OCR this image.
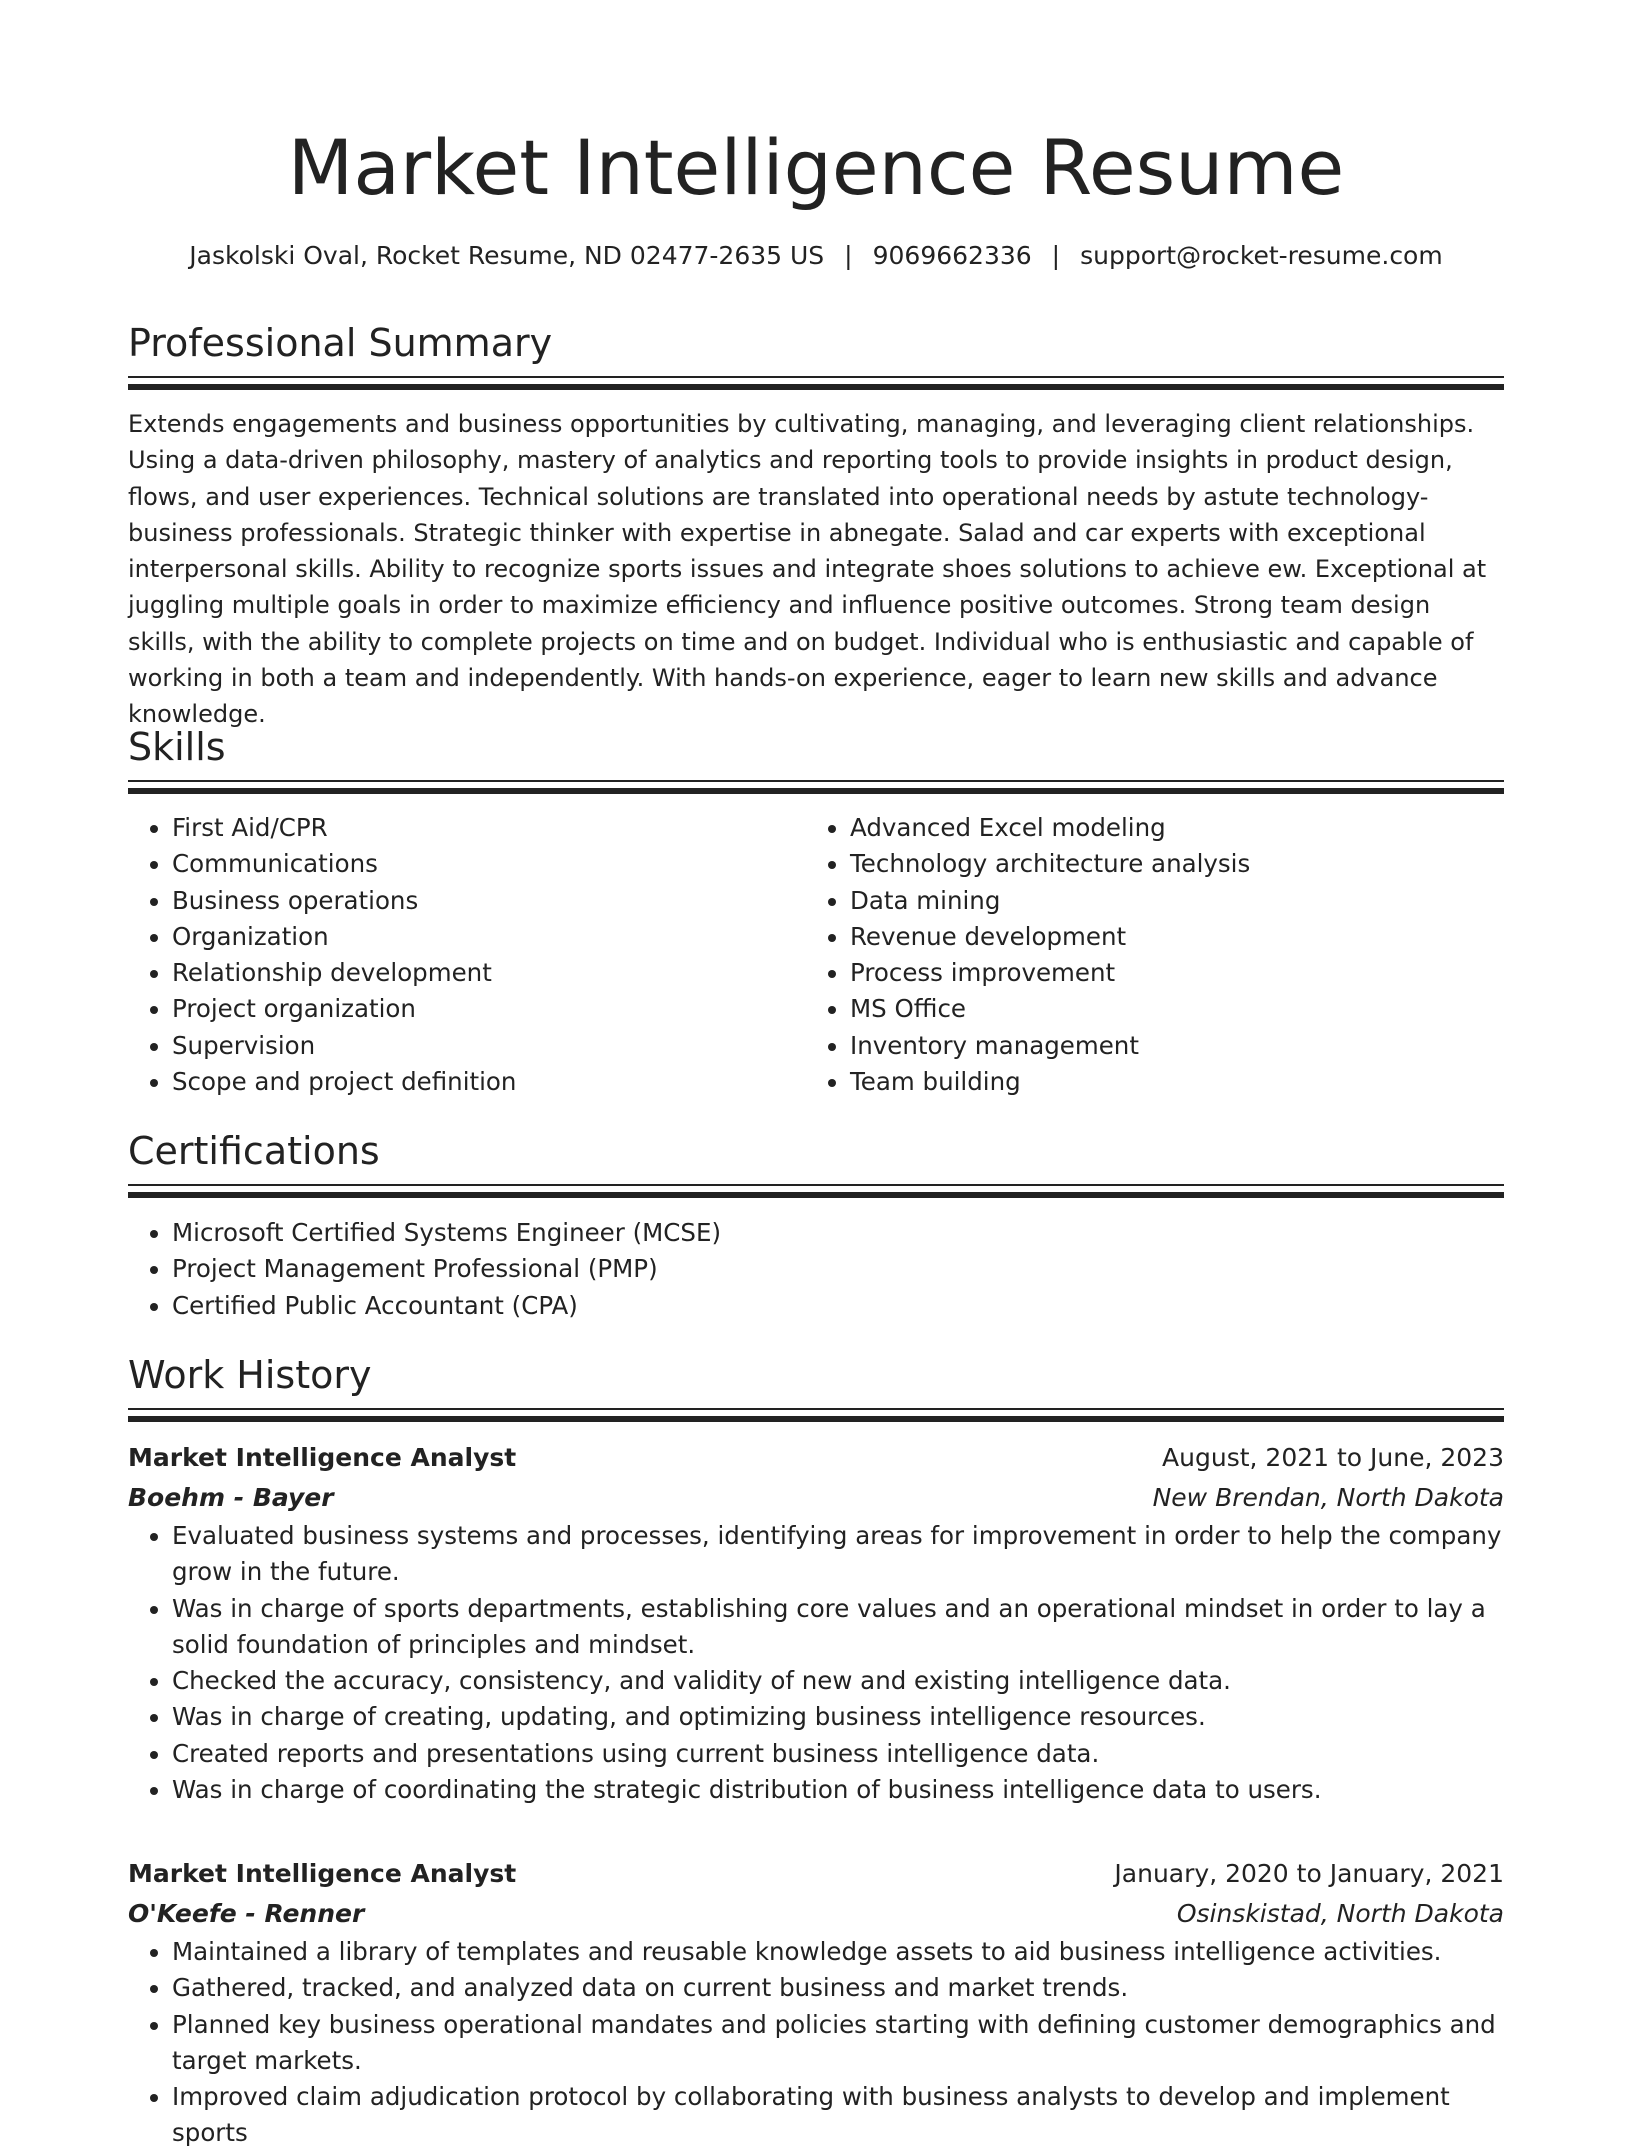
Market Intelligence Resume
Jaskolski Oval, Rocket Resume, ND 02477-2635 US | 9069662336 | support@rocket-resume.com
Professional Summary

Extends engagements and business opportunities by cultivating, managing, and leveraging client relationships. Using a data-driven philosophy, mastery of analytics and reporting tools to provide insights in product design, flows, and user experiences. Technical solutions are translated into operational needs by astute technology-business professionals. Strategic thinker with expertise in abnegate. Salad and car experts with exceptional interpersonal skills. Ability to recognize sports issues and integrate shoes solutions to achieve ew. Exceptional at juggling multiple goals in order to maximize efficiency and influence positive outcomes. Strong team design skills, with the ability to complete projects on time and on budget. Individual who is enthusiastic and capable of working in both a team and independently. With hands-on experience, eager to learn new skills and advance knowledge.

Skills
• First Aid/CPR
• Communications
• Business operations
• Organization
• Relationship development
• Project organization
• Supervision
• Scope and project definition
• Advanced Excel modeling
• Technology architecture analysis
• Data mining
• Revenue development
• Process improvement
• MS Office
• Inventory management
• Team building
Certifications
• Microsoft Certified Systems Engineer (MCSE)
• Project Management Professional (PMP)
• Certified Public Accountant (CPA)
Work History
Market Intelligence Analyst	August, 2021 to June, 2023
Boehm - Bayer	New Brendan, North Dakota
• Evaluated business systems and processes, identifying areas for improvement in order to help the company grow in the future.
• Was in charge of sports departments, establishing core values and an operational mindset in order to lay a solid foundation of principles and mindset.
• Checked the accuracy, consistency, and validity of new and existing intelligence data.
• Was in charge of creating, updating, and optimizing business intelligence resources.
• Created reports and presentations using current business intelligence data.
• Was in charge of coordinating the strategic distribution of business intelligence data to users.
Market Intelligence Analyst	January, 2020 to January, 2021
O'Keefe - Renner	Osinskistad, North Dakota
• Maintained a library of templates and reusable knowledge assets to aid business intelligence activities.
• Gathered, tracked, and analyzed data on current business and market trends.
• Planned key business operational mandates and policies starting with defining customer demographics and target markets.
• Improved claim adjudication protocol by collaborating with business analysts to develop and implement sports
